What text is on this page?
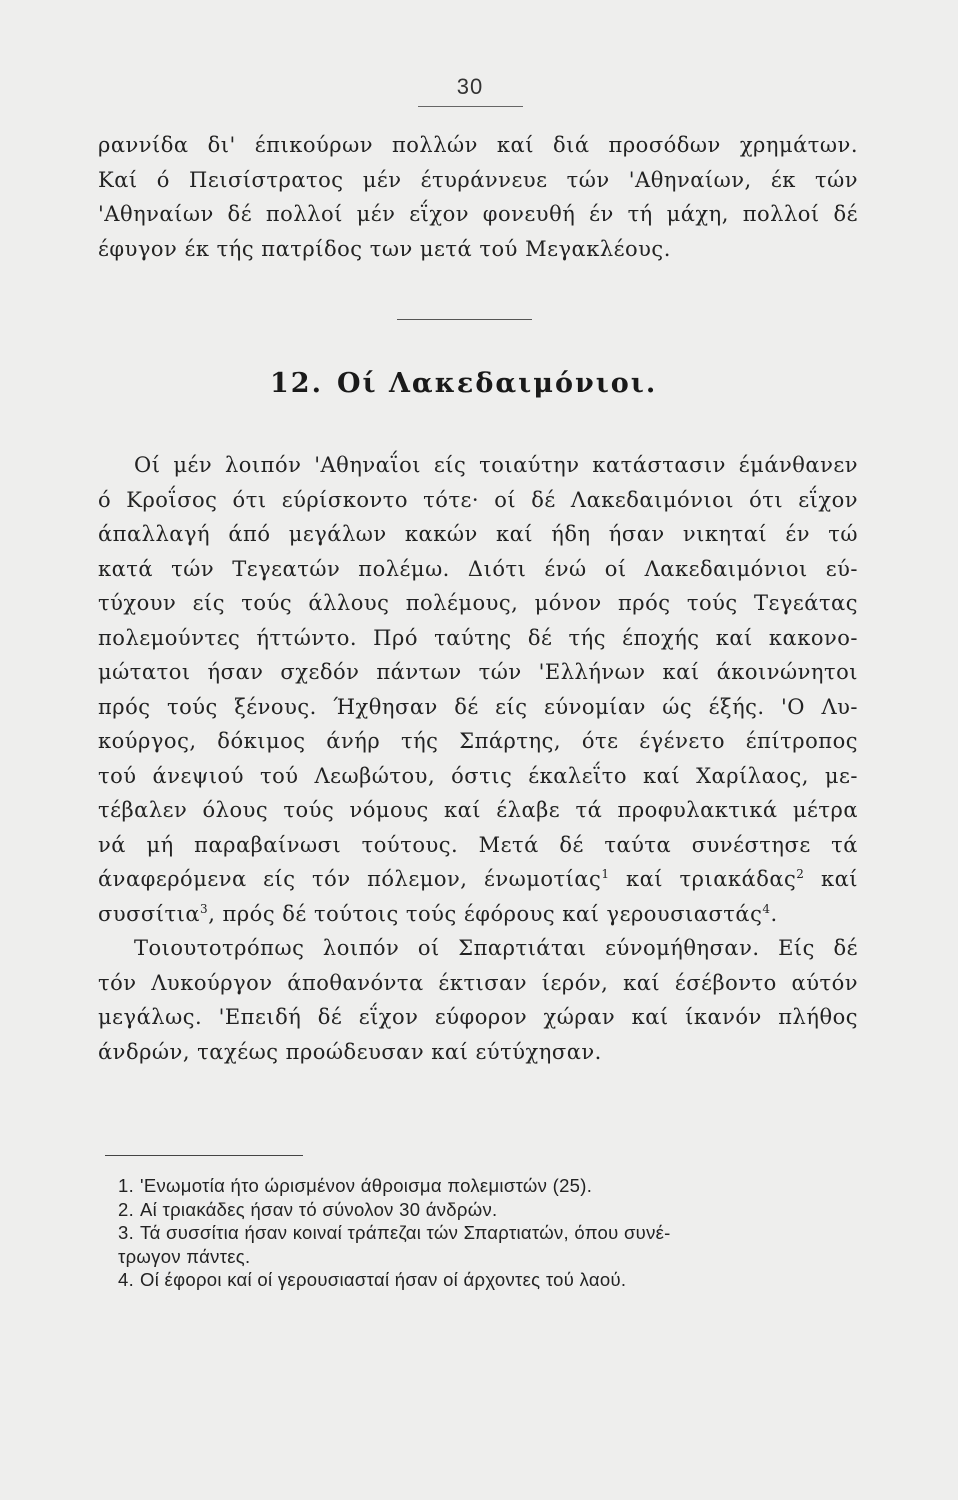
30
ραννίδα δι' έπικούρων πολλών καί διά προσόδων χρημάτων.
Καί ό Πεισίστρατος μέν έτυράννευε τών 'Αθηναίων, έκ τών
'Αθηναίων δέ πολλοί μέν εΐχον φονευθή έν τή μάχη, πολλοί δέ
έφυγον έκ τής πατρίδος των μετά τού Μεγακλέους.
12. Οί Λακεδαιμόνιοι.
Οί μέν λοιπόν 'Αθηναΐοι είς τοιαύτην κατάστασιν έμάνθανεν
ό Κροΐσος ότι εύρίσκοντο τότε· οί δέ Λακεδαιμόνιοι ότι εΐχον
άπαλλαγή άπό μεγάλων κακών καί ήδη ήσαν νικηταί έν τώ
κατά τών Τεγεατών πολέμω. Διότι ένώ οί Λακεδαιμόνιοι εύ-
τύχουν είς τούς άλλους πολέμους, μόνον πρός τούς Τεγεάτας
πολεμούντες ήττώντο. Πρό ταύτης δέ τής έποχής καί κακονο-
μώτατοι ήσαν σχεδόν πάντων τών 'Ελλήνων καί άκοινώνητοι
πρός τούς ξένους. Ήχθησαν δέ είς εύνομίαν ώς έξής. 'Ο Λυ-
κούργος, δόκιμος άνήρ τής Σπάρτης, ότε έγένετο έπίτροπος
τού άνεψιού τού Λεωβώτου, όστις έκαλεΐτο καί Χαρίλαος, με-
τέβαλεν όλους τούς νόμους καί έλαβε τά προφυλακτικά μέτρα
νά μή παραβαίνωσι τούτους. Μετά δέ ταύτα συνέστησε τά
άναφερόμενα είς τόν πόλεμον, ένωμοτίας$^1$ καί τριακάδας$^2$ καί
συσσίτια$^3$, πρός δέ τούτοις τούς έφόρους καί γερουσιαστάς$^4$.
Τοιουτοτρόπως λοιπόν οί Σπαρτιάται εύνομήθησαν. Είς δέ
τόν Λυκούργον άποθανόντα έκτισαν ίερόν, καί έσέβοντο αύτόν
μεγάλως. 'Επειδή δέ εΐχον εύφορον χώραν καί ίκανόν πλήθος
άνδρών, ταχέως προώδευσαν καί εύτύχησαν.
1. 'Ενωμοτία ήτο ώρισμένον άθροισμα πολεμιστών (25).
2. Αί τριακάδες ήσαν τό σύνολον 30 άνδρών.
3. Τά συσσίτια ήσαν κοιναί τράπεζαι τών Σπαρτιατών, όπου συνέ-
τρωγον πάντες.
4. Οί έφοροι καί οί γερουσιασταί ήσαν οί άρχοντες τού λαού.
